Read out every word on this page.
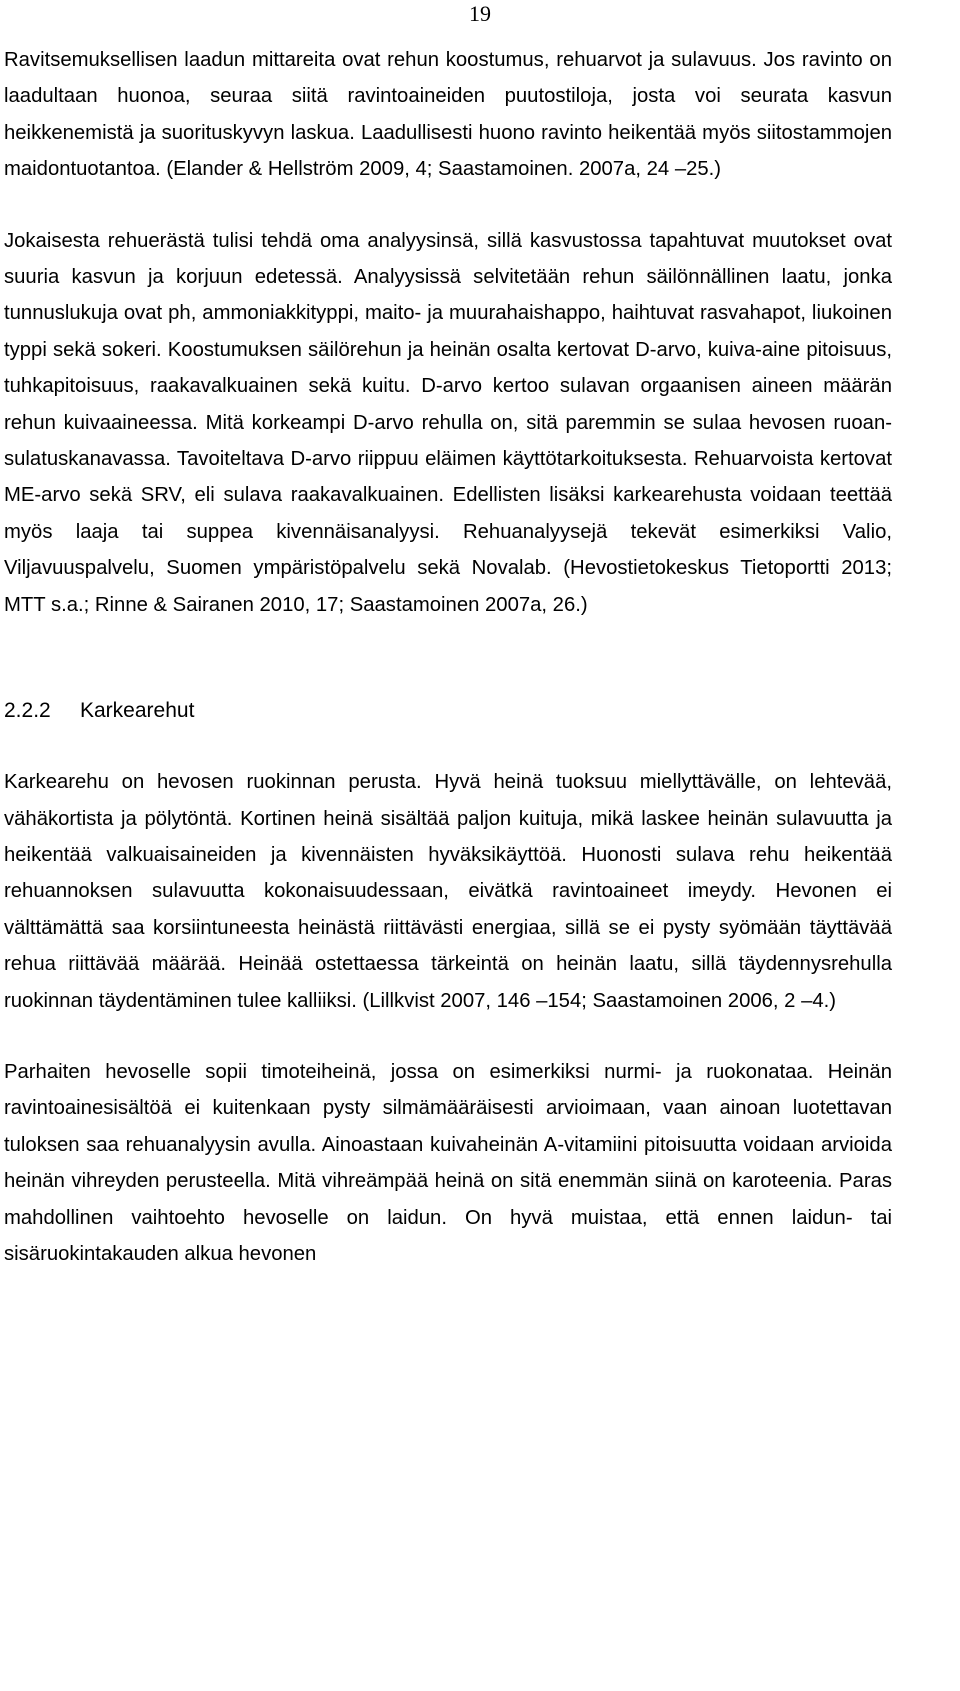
19

Ravitsemuksellisen laadun mittareita ovat rehun koostumus, rehuarvot ja sulavuus. Jos ravinto on laadultaan huonoa, seuraa siitä ravintoaineiden puutostiloja, josta voi seurata kasvun heikkenemistä ja suorituskyvyn laskua. Laadullisesti huono ravinto heikentää myös siitostammojen maidontuotantoa. (Elander & Hellström 2009, 4; Saastamoinen. 2007a, 24 ‒25.)

Jokaisesta rehuerästä tulisi tehdä oma analyysinsä, sillä kasvustossa tapahtuvat muutokset ovat suuria kasvun ja korjuun edetessä. Analyysissä selvitetään rehun säilönnällinen laatu, jonka tunnuslukuja ovat ph, ammoniakkityppi, maito- ja muurahaishappo, haihtuvat rasvahapot, liukoinen typpi sekä sokeri. Koostumuksen säilörehun ja heinän osalta kertovat D-arvo, kuiva-aine pitoisuus, tuhkapitoisuus, raakavalkuainen sekä kuitu. D-arvo kertoo sulavan orgaanisen aineen määrän rehun kuivaaineessa. Mitä korkeampi D-arvo rehulla on, sitä paremmin se sulaa hevosen ruoansulatuskanavassa. Tavoiteltava D-arvo riippuu eläimen käyttötarkoituksesta. Rehuarvoista kertovat ME-arvo sekä SRV, eli sulava raakavalkuainen. Edellisten lisäksi karkearehusta voidaan teettää myös laaja tai suppea kivennäisanalyysi. Rehuanalyysejä tekevät esimerkiksi Valio, Viljavuuspalvelu, Suomen ympäristöpalvelu sekä Novalab. (Hevostietokeskus Tietoportti 2013; MTT s.a.; Rinne & Sairanen 2010, 17; Saastamoinen 2007a, 26.)

2.2.2 Karkearehut

Karkearehu on hevosen ruokinnan perusta. Hyvä heinä tuoksuu miellyttävälle, on lehtevää, vähäkortista ja pölytöntä. Kortinen heinä sisältää paljon kuituja, mikä laskee heinän sulavuutta ja heikentää valkuaisaineiden ja kivennäisten hyväksikäyttöä. Huonosti sulava rehu heikentää rehuannoksen sulavuutta kokonaisuudessaan, eivätkä ravintoaineet imeydy. Hevonen ei välttämättä saa korsiintuneesta heinästä riittävästi energiaa, sillä se ei pysty syömään täyttävää rehua riittävää määrää. Heinää ostettaessa tärkeintä on heinän laatu, sillä täydennysrehulla ruokinnan täydentäminen tulee kalliiksi. (Lillkvist 2007, 146 ‒154; Saastamoinen 2006, 2 ‒4.)

Parhaiten hevoselle sopii timoteiheinä, jossa on esimerkiksi nurmi- ja ruokonataa. Heinän ravintoainesisältöä ei kuitenkaan pysty silmämääräisesti arvioimaan, vaan ainoan luotettavan tuloksen saa rehuanalyysin avulla. Ainoastaan kuivaheinän A-vitamiini pitoisuutta voidaan arvioida heinän vihreyden perusteella. Mitä vihreämpää heinä on sitä enemmän siinä on karoteenia. Paras mahdollinen vaihtoehto hevoselle on laidun. On hyvä muistaa, että ennen laidun- tai sisäruokintakauden alkua hevonen
